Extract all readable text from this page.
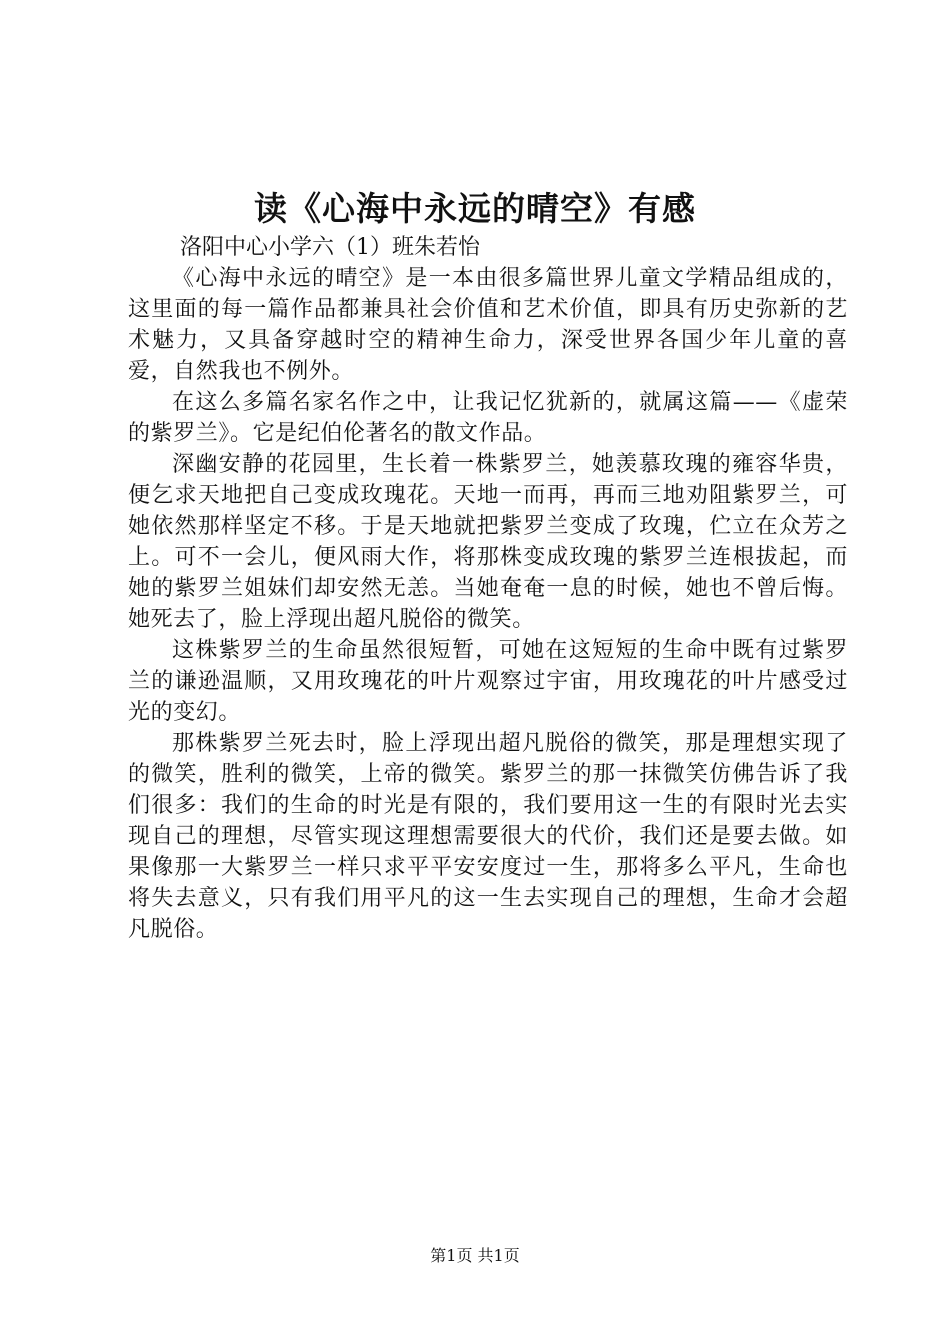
读《心海中永远的晴空》有感

洛阳中心小学六（1）班朱若怡

《心海中永远的晴空》是一本由很多篇世界儿童文学精品组成的，这里面的每一篇作品都兼具社会价值和艺术价值，即具有历史弥新的艺术魅力，又具备穿越时空的精神生命力，深受世界各国少年儿童的喜爱，自然我也不例外。

在这么多篇名家名作之中，让我记忆犹新的，就属这篇——《虚荣的紫罗兰》。它是纪伯伦著名的散文作品。

深幽安静的花园里，生长着一株紫罗兰，她羡慕玫瑰的雍容华贵，便乞求天地把自己变成玫瑰花。天地一而再，再而三地劝阻紫罗兰，可她依然那样坚定不移。于是天地就把紫罗兰变成了玫瑰，伫立在众芳之上。可不一会儿，便风雨大作，将那株变成玫瑰的紫罗兰连根拔起，而她的紫罗兰姐妹们却安然无恙。当她奄奄一息的时候，她也不曾后悔。她死去了，脸上浮现出超凡脱俗的微笑。

这株紫罗兰的生命虽然很短暂，可她在这短短的生命中既有过紫罗兰的谦逊温顺，又用玫瑰花的叶片观察过宇宙，用玫瑰花的叶片感受过光的变幻。

那株紫罗兰死去时，脸上浮现出超凡脱俗的微笑，那是理想实现了的微笑，胜利的微笑，上帝的微笑。紫罗兰的那一抹微笑仿佛告诉了我们很多：我们的生命的时光是有限的，我们要用这一生的有限时光去实现自己的理想，尽管实现这理想需要很大的代价，我们还是要去做。如果像那一大紫罗兰一样只求平平安安度过一生，那将多么平凡，生命也将失去意义，只有我们用平凡的这一生去实现自己的理想，生命才会超凡脱俗。

第1页 共1页
